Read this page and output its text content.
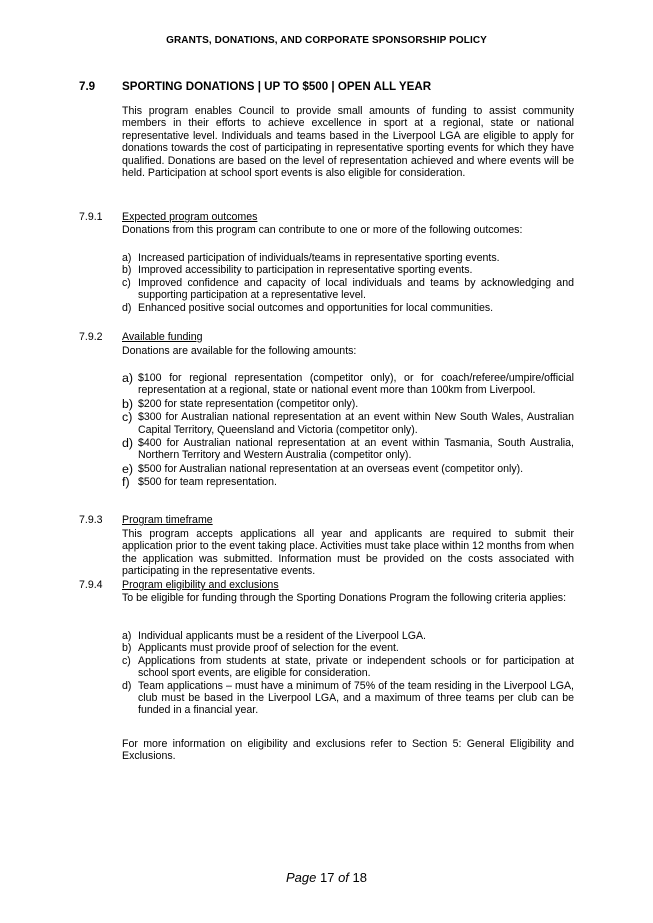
GRANTS, DONATIONS, AND CORPORATE SPONSORSHIP POLICY
7.9 SPORTING DONATIONS | UP TO $500 | OPEN ALL YEAR
This program enables Council to provide small amounts of funding to assist community members in their efforts to achieve excellence in sport at a regional, state or national representative level. Individuals and teams based in the Liverpool LGA are eligible to apply for donations towards the cost of participating in representative sporting events for which they have qualified. Donations are based on the level of representation achieved and where events will be held. Participation at school sport events is also eligible for consideration.
7.9.1 Expected program outcomes
Donations from this program can contribute to one or more of the following outcomes:
a) Increased participation of individuals/teams in representative sporting events.
b) Improved accessibility to participation in representative sporting events.
c) Improved confidence and capacity of local individuals and teams by acknowledging and supporting participation at a representative level.
d) Enhanced positive social outcomes and opportunities for local communities.
7.9.2 Available funding
Donations are available for the following amounts:
a) $100 for regional representation (competitor only), or for coach/referee/umpire/official representation at a regional, state or national event more than 100km from Liverpool.
b) $200 for state representation (competitor only).
c) $300 for Australian national representation at an event within New South Wales, Australian Capital Territory, Queensland and Victoria (competitor only).
d) $400 for Australian national representation at an event within Tasmania, South Australia, Northern Territory and Western Australia (competitor only).
e) $500 for Australian national representation at an overseas event (competitor only).
f) $500 for team representation.
7.9.3 Program timeframe
This program accepts applications all year and applicants are required to submit their application prior to the event taking place. Activities must take place within 12 months from when the application was submitted. Information must be provided on the costs associated with participating in the representative events.
7.9.4 Program eligibility and exclusions
To be eligible for funding through the Sporting Donations Program the following criteria applies:
a) Individual applicants must be a resident of the Liverpool LGA.
b) Applicants must provide proof of selection for the event.
c) Applications from students at state, private or independent schools or for participation at school sport events, are eligible for consideration.
d) Team applications – must have a minimum of 75% of the team residing in the Liverpool LGA, club must be based in the Liverpool LGA, and a maximum of three teams per club can be funded in a financial year.
For more information on eligibility and exclusions refer to Section 5: General Eligibility and Exclusions.
Page 17 of 18
